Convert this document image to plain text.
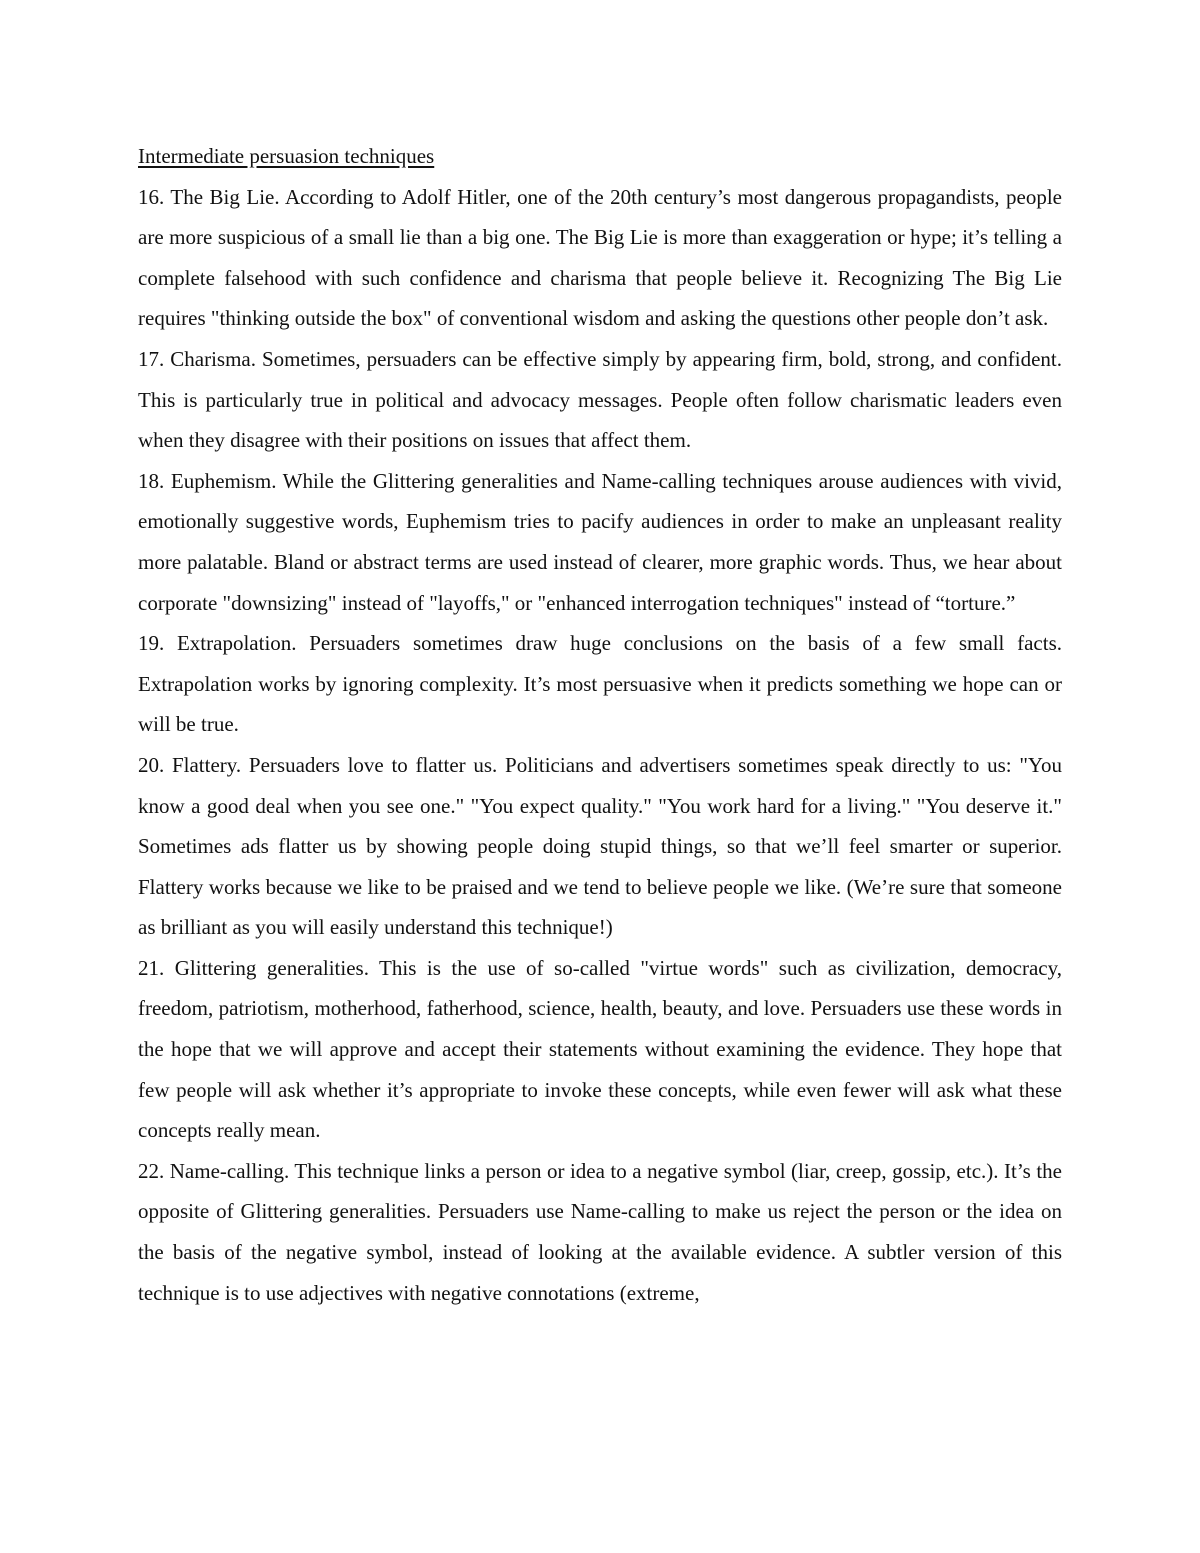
Intermediate persuasion techniques

16. The Big Lie. According to Adolf Hitler, one of the 20th century’s most dangerous propagandists, people are more suspicious of a small lie than a big one. The Big Lie is more than exaggeration or hype; it’s telling a complete falsehood with such confidence and charisma that people believe it. Recognizing The Big Lie requires "thinking outside the box" of conventional wisdom and asking the questions other people don’t ask.

17. Charisma. Sometimes, persuaders can be effective simply by appearing firm, bold, strong, and confident. This is particularly true in political and advocacy messages. People often follow charismatic leaders even when they disagree with their positions on issues that affect them.

18. Euphemism. While the Glittering generalities and Name-calling techniques arouse audiences with vivid, emotionally suggestive words, Euphemism tries to pacify audiences in order to make an unpleasant reality more palatable. Bland or abstract terms are used instead of clearer, more graphic words. Thus, we hear about corporate "downsizing" instead of "layoffs," or "enhanced interrogation techniques" instead of “torture.”

19. Extrapolation. Persuaders sometimes draw huge conclusions on the basis of a few small facts. Extrapolation works by ignoring complexity. It’s most persuasive when it predicts something we hope can or will be true.

20. Flattery. Persuaders love to flatter us. Politicians and advertisers sometimes speak directly to us: "You know a good deal when you see one." "You expect quality." "You work hard for a living." "You deserve it." Sometimes ads flatter us by showing people doing stupid things, so that we’ll feel smarter or superior. Flattery works because we like to be praised and we tend to believe people we like. (We’re sure that someone as brilliant as you will easily understand this technique!)

21. Glittering generalities. This is the use of so-called "virtue words" such as civilization, democracy, freedom, patriotism, motherhood, fatherhood, science, health, beauty, and love. Persuaders use these words in the hope that we will approve and accept their statements without examining the evidence. They hope that few people will ask whether it’s appropriate to invoke these concepts, while even fewer will ask what these concepts really mean.

22. Name-calling. This technique links a person or idea to a negative symbol (liar, creep, gossip, etc.). It’s the opposite of Glittering generalities. Persuaders use Name-calling to make us reject the person or the idea on the basis of the negative symbol, instead of looking at the available evidence. A subtler version of this technique is to use adjectives with negative connotations (extreme,
